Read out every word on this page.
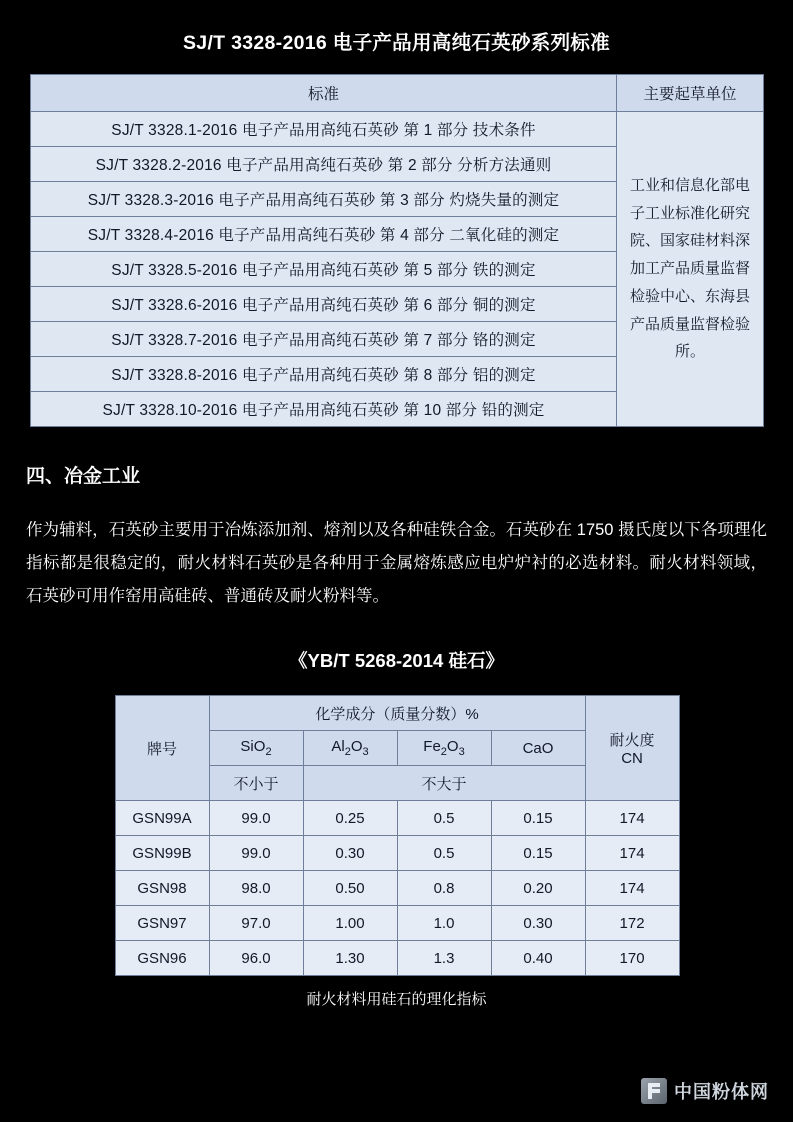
SJ/T 3328-2016 电子产品用高纯石英砂系列标准
标准	主要起草单位
SJ/T 3328.1-2016 电子产品用高纯石英砂 第 1 部分 技术条件	工业和信息化部电子工业标准化研究院、国家硅材料深加工产品质量监督检验中心、东海县产品质量监督检验所。
SJ/T 3328.2-2016 电子产品用高纯石英砂 第 2 部分 分析方法通则	
SJ/T 3328.3-2016 电子产品用高纯石英砂 第 3 部分 灼烧失量的测定	
SJ/T 3328.4-2016 电子产品用高纯石英砂 第 4 部分 二氧化硅的测定	
SJ/T 3328.5-2016 电子产品用高纯石英砂 第 5 部分 铁的测定	
SJ/T 3328.6-2016 电子产品用高纯石英砂 第 6 部分 铜的测定	
SJ/T 3328.7-2016 电子产品用高纯石英砂 第 7 部分 铬的测定	
SJ/T 3328.8-2016 电子产品用高纯石英砂 第 8 部分 铝的测定	
SJ/T 3328.10-2016 电子产品用高纯石英砂 第 10 部分 铅的测定	
四、冶金工业
作为辅料，石英砂主要用于冶炼添加剂、熔剂以及各种硅铁合金。石英砂在 1750 摄氏度以下各项理化指标都是很稳定的，耐火材料石英砂是各种用于金属熔炼感应电炉炉衬的必选材料。耐火材料领域，石英砂可用作窑用高硅砖、普通砖及耐火粉料等。
《YB/T 5268-2014 硅石》
牌号	化学成分（质量分数）%				耐火度
CN
	SiO$_2$	$Al_2O_3$	$Fe_2O_3$	CaO	
	不小于	不大于			
GSN99A	99.0	0.25	0.5	0.15	174
GSN99B	99.0	0.30	0.5	0.15	174
GSN98	98.0	0.50	0.8	0.20	174
GSN97	97.0	1.00	1.0	0.30	172
GSN96	96.0	1.30	1.3	0.40	170
耐火材料用硅石的理化指标
中国粉体网
